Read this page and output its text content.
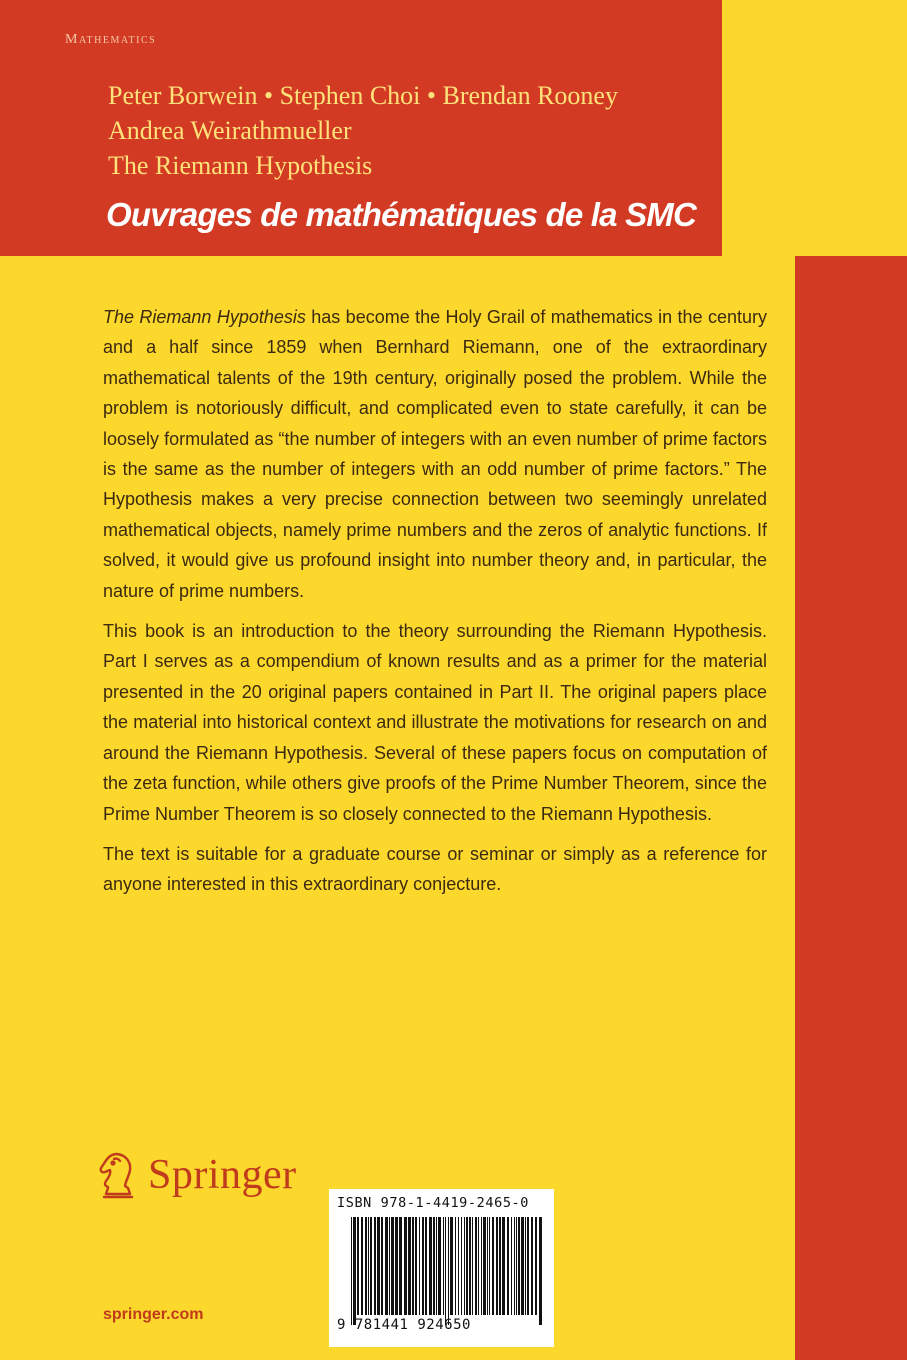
Mathematics
Peter Borwein • Stephen Choi • Brendan Rooney
Andrea Weirathmueller
The Riemann Hypothesis
Ouvrages de mathématiques de la SMC

The Riemann Hypothesis has become the Holy Grail of mathematics in the century and a half since 1859 when Bernhard Riemann, one of the extraordinary mathematical talents of the 19th century, originally posed the problem. While the problem is notoriously difficult, and complicated even to state carefully, it can be loosely formulated as “the number of integers with an even number of prime factors is the same as the number of integers with an odd number of prime factors.” The Hypothesis makes a very precise connection between two seemingly unrelated mathematical objects, namely prime numbers and the zeros of analytic functions. If solved, it would give us profound insight into number theory and, in particular, the nature of prime numbers.

This book is an introduction to the theory surrounding the Riemann Hypothesis. Part I serves as a compendium of known results and as a primer for the material presented in the 20 original papers contained in Part II. The original papers place the material into historical context and illustrate the motivations for research on and around the Riemann Hypothesis. Several of these papers focus on computation of the zeta function, while others give proofs of the Prime Number Theorem, since the Prime Number Theorem is so closely connected to the Riemann Hypothesis.

The text is suitable for a graduate course or seminar or simply as a reference for anyone interested in this extraordinary conjecture.

Springer
springer.com
ISBN 978-1-4419-2465-0
9 781441 924650
